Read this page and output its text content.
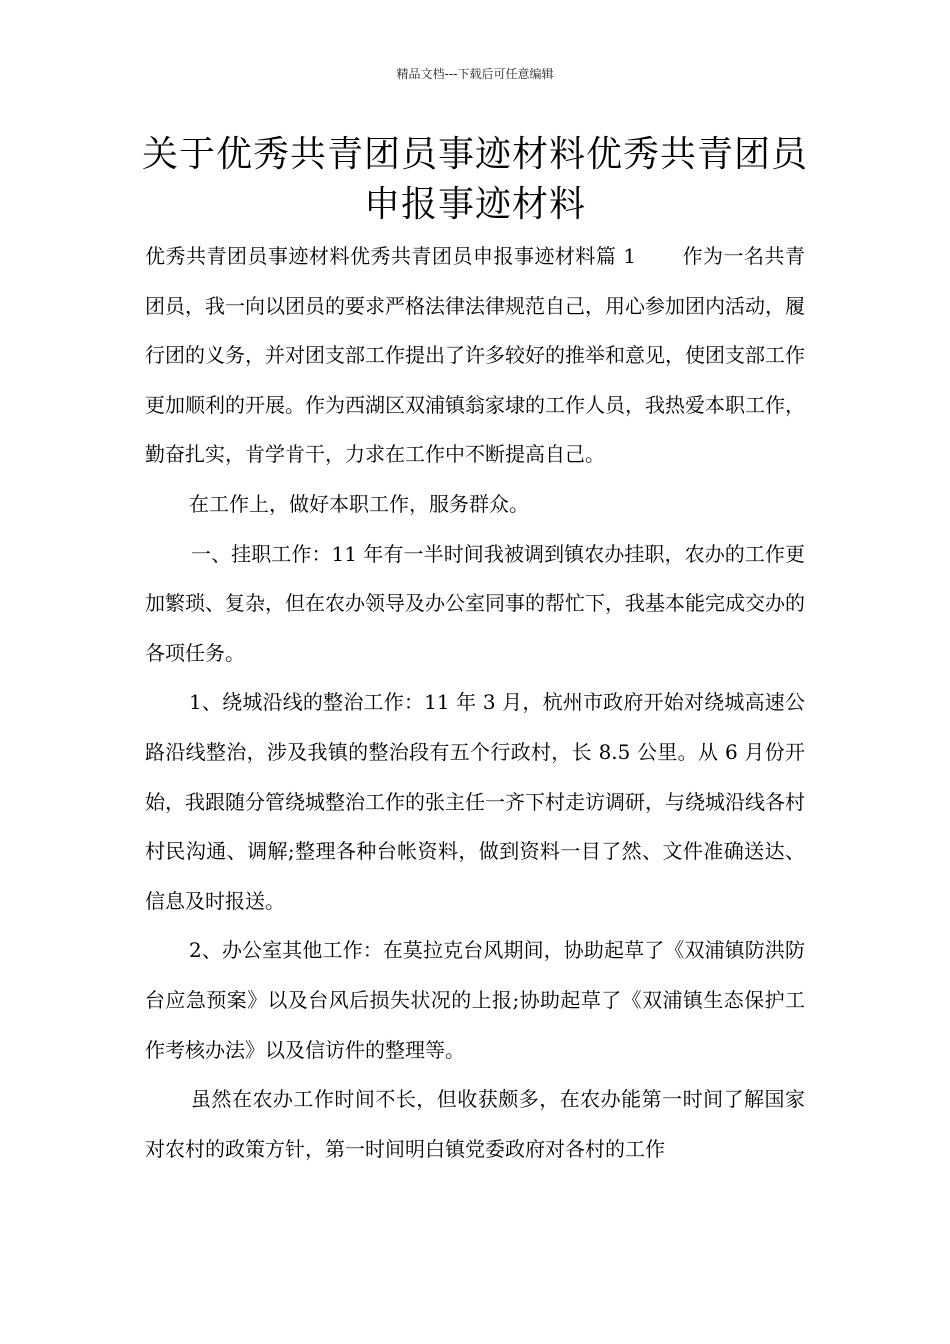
精品文档---下载后可任意编辑
关于优秀共青团员事迹材料优秀共青团员申报事迹材料

优秀共青团员事迹材料优秀共青团员申报事迹材料篇 1 作为一名共青团员，我一向以团员的要求严格法律法律规范自己，用心参加团内活动，履行团的义务，并对团支部工作提出了许多较好的推举和意见，使团支部工作更加顺利的开展。作为西湖区双浦镇翁家埭的工作人员，我热爱本职工作，勤奋扎实，肯学肯干，力求在工作中不断提高自己。

在工作上，做好本职工作，服务群众。

一、挂职工作：11 年有一半时间我被调到镇农办挂职，农办的工作更加繁琐、复杂，但在农办领导及办公室同事的帮忙下，我基本能完成交办的各项任务。

1、绕城沿线的整治工作：11 年 3 月，杭州市政府开始对绕城高速公路沿线整治，涉及我镇的整治段有五个行政村，长 8.5 公里。从 6 月份开始，我跟随分管绕城整治工作的张主任一齐下村走访调研，与绕城沿线各村村民沟通、调解;整理各种台帐资料，做到资料一目了然、文件准确送达、信息及时报送。

2、办公室其他工作：在莫拉克台风期间，协助起草了《双浦镇防洪防台应急预案》以及台风后损失状况的上报;协助起草了《双浦镇生态保护工作考核办法》以及信访件的整理等。

虽然在农办工作时间不长，但收获颇多，在农办能第一时间了解国家对农村的政策方针，第一时间明白镇党委政府对各村的工作
